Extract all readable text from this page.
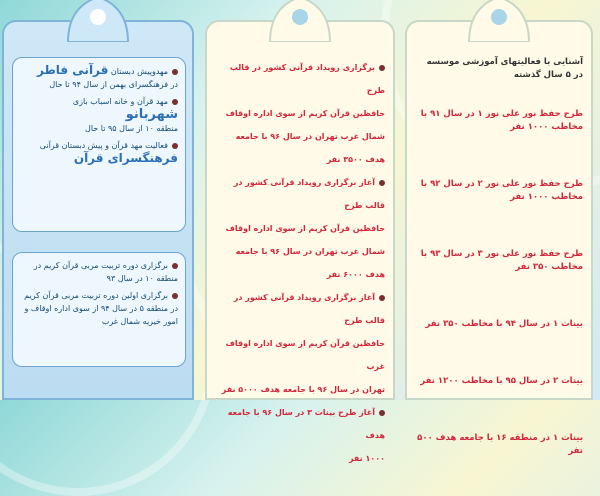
آشنایی با فعالیتهای آموزشی موسسه در ۵ سال گذشته
طرح حفظ نور علی نور ۱ در سال ۹۱ با مخاطب ۱۰۰۰ نفر
طرح حفظ نور علی نور ۲ در سال ۹۲ با مخاطب ۱۰۰۰ نفر
طرح حفظ نور علی نور ۳ در سال ۹۳ با مخاطب ۳۵۰ نفر
بینات ۱ در سال ۹۴ با مخاطب ۳۵۰ نفر
بینات ۲ در سال ۹۵ با مخاطب ۱۲۰۰ نفر
بینات ۱ در منطقه ۱۶ با جامعه هدف ۵۰۰ نفر
برگزاری رویداد قرآنی کشور در قالب طرح
حافظین قرآن کریم از سوی اداره اوقاف
شمال غرب تهران در سال ۹۶ با جامعه هدف ۳۵۰۰ نفر
آغاز برگزاری رویداد قرآنی کشور در قالب طرح
حافظین قرآن کریم از سوی اداره اوقاف
شمال غرب تهران در سال ۹۶ با جامعه هدف ۶۰۰۰ نفر
آغاز برگزاری رویداد قرآنی کشور در قالب طرح
حافظین قرآن کریم از سوی اداره اوقاف غرب
تهران در سال ۹۶ با جامعه هدف ۵۰۰۰ نفر
آغاز طرح بینات ۳ در سال ۹۶ با جامعه هدف
۱۰۰۰ نفر

مهدوپیش دبستان قرآنی فاطر
در فرهنگسرای بهمن از سال ۹۴ تا حال

مهد قرآن و خانه اسباب بازی شهربانو
منطقه ۱۰ از سال ۹۵ تا حال

فعالیت مهد قرآن و پیش دبستان قرآنی
فرهنگسرای قرآن

برگزاری دوره تربیت مربی قرآن کریم در منطقه ۱۰ در سال ۹۳

برگزاری اولین دوره تربیت مربی قرآن کریم در منطقه ۵ در سال ۹۴ از سوی اداره اوقاف و امور خیریه شمال غرب
